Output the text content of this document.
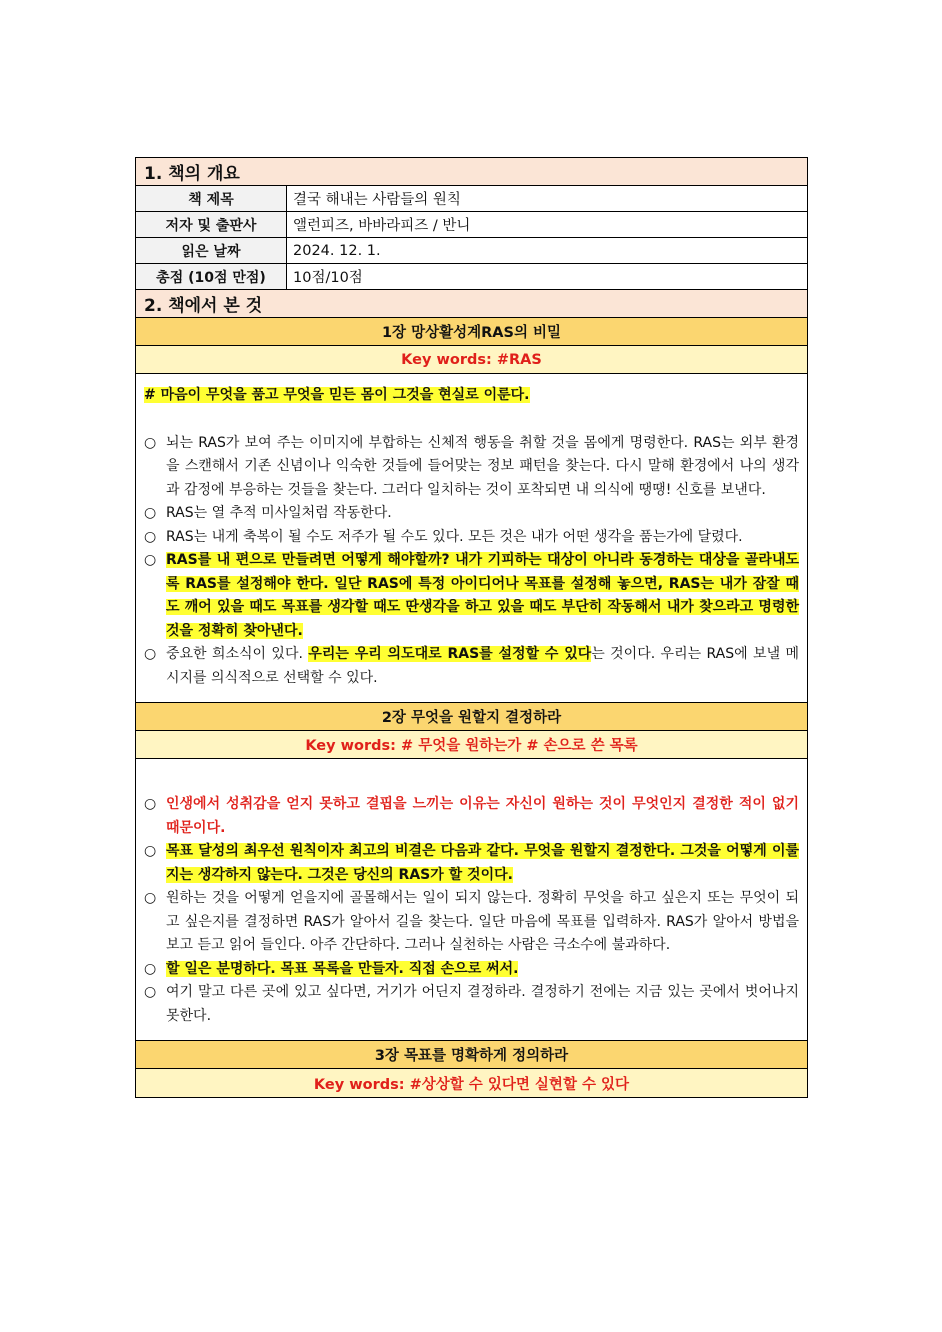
1. 책의 개요
책 제목	결국 해내는 사람들의 원칙
저자 및 출판사	앨런피즈, 바바라피즈 / 반니
읽은 날짜	2024. 12. 1.
총점 (10점 만점)	10점/10점
2. 책에서 본 것
1장 망상활성계RAS의 비밀
Key words: #RAS
# 마음이 무엇을 품고 무엇을 믿든 몸이 그것을 현실로 이룬다.
○ 뇌는 RAS가 보여 주는 이미지에 부합하는 신체적 행동을 취할 것을 몸에게 명령한다. RAS는 외부 환경을 스캔해서 기존 신념이나 익숙한 것들에 들어맞는 정보 패턴을 찾는다. 다시 말해 환경에서 나의 생각과 감정에 부응하는 것들을 찾는다. 그러다 일치하는 것이 포착되면 내 의식에 땡땡! 신호를 보낸다.
○ RAS는 열 추적 미사일처럼 작동한다.
○ RAS는 내게 축복이 될 수도 저주가 될 수도 있다. 모든 것은 내가 어떤 생각을 품는가에 달렸다.
○ RAS를 내 편으로 만들려면 어떻게 해야할까? 내가 기피하는 대상이 아니라 동경하는 대상을 골라내도록 RAS를 설정해야 한다. 일단 RAS에 특정 아이디어나 목표를 설정해 놓으면, RAS는 내가 잠잘 때도 깨어 있을 때도 목표를 생각할 때도 딴생각을 하고 있을 때도 부단히 작동해서 내가 찾으라고 명령한 것을 정확히 찾아낸다.
○ 중요한 희소식이 있다. 우리는 우리 의도대로 RAS를 설정할 수 있다는 것이다. 우리는 RAS에 보낼 메시지를 의식적으로 선택할 수 있다.
2장 무엇을 원할지 결정하라
Key words: # 무엇을 원하는가 # 손으로 쓴 목록
○ 인생에서 성취감을 얻지 못하고 결핍을 느끼는 이유는 자신이 원하는 것이 무엇인지 결정한 적이 없기 때문이다.
○ 목표 달성의 최우선 원칙이자 최고의 비결은 다음과 같다. 무엇을 원할지 결정한다. 그것을 어떻게 이룰지는 생각하지 않는다. 그것은 당신의 RAS가 할 것이다.
○ 원하는 것을 어떻게 얻을지에 골몰해서는 일이 되지 않는다. 정확히 무엇을 하고 싶은지 또는 무엇이 되고 싶은지를 결정하면 RAS가 알아서 길을 찾는다. 일단 마음에 목표를 입력하자. RAS가 알아서 방법을 보고 듣고 읽어 들인다. 아주 간단하다. 그러나 실천하는 사람은 극소수에 불과하다.
○ 할 일은 분명하다. 목표 목록을 만들자. 직접 손으로 써서.
○ 여기 말고 다른 곳에 있고 싶다면, 거기가 어딘지 결정하라. 결정하기 전에는 지금 있는 곳에서 벗어나지 못한다.
3장 목표를 명확하게 정의하라
Key words: #상상할 수 있다면 실현할 수 있다
